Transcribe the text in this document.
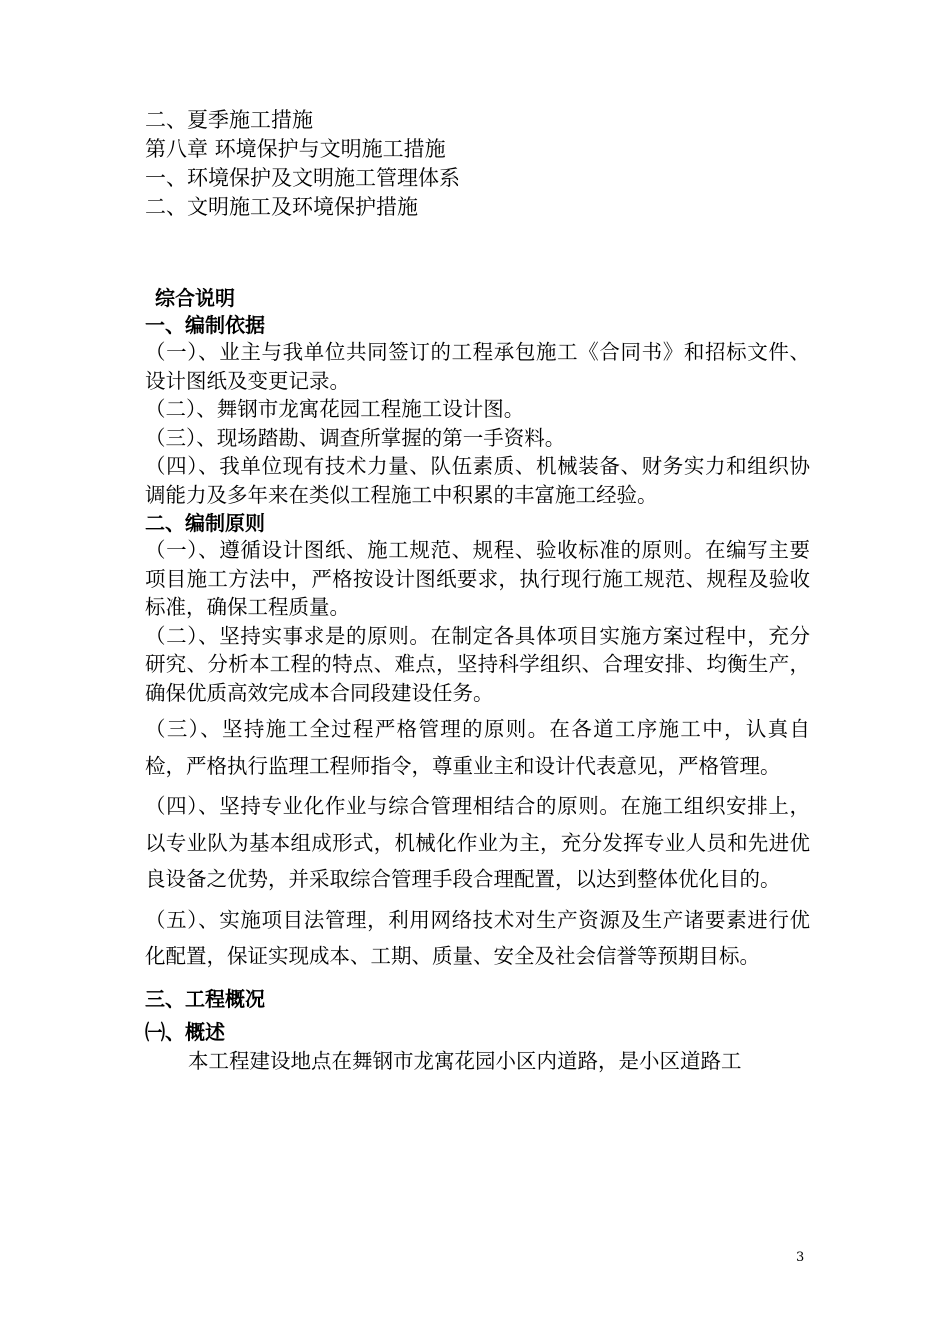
二、夏季施工措施
第八章 环境保护与文明施工措施
一、环境保护及文明施工管理体系
二、文明施工及环境保护措施
综合说明
一、编制依据
（一）、业主与我单位共同签订的工程承包施工《合同书》和招标文件、设计图纸及变更记录。
（二）、舞钢市龙寓花园工程施工设计图。
（三）、现场踏勘、调查所掌握的第一手资料。
（四）、我单位现有技术力量、队伍素质、机械装备、财务实力和组织协调能力及多年来在类似工程施工中积累的丰富施工经验。
二、编制原则
（一）、遵循设计图纸、施工规范、规程、验收标准的原则。在编写主要项目施工方法中，严格按设计图纸要求，执行现行施工规范、规程及验收标准，确保工程质量。
（二）、坚持实事求是的原则。在制定各具体项目实施方案过程中，充分研究、分析本工程的特点、难点，坚持科学组织、合理安排、均衡生产，确保优质高效完成本合同段建设任务。
（三）、坚持施工全过程严格管理的原则。在各道工序施工中，认真自检，严格执行监理工程师指令，尊重业主和设计代表意见，严格管理。
（四）、坚持专业化作业与综合管理相结合的原则。在施工组织安排上，以专业队为基本组成形式，机械化作业为主，充分发挥专业人员和先进优良设备之优势，并采取综合管理手段合理配置，以达到整体优化目的。
（五）、实施项目法管理，利用网络技术对生产资源及生产诸要素进行优化配置，保证实现成本、工期、质量、安全及社会信誉等预期目标。
三、工程概况
㈠、概述
本工程建设地点在舞钢市龙寓花园小区内道路，是小区道路工
3
